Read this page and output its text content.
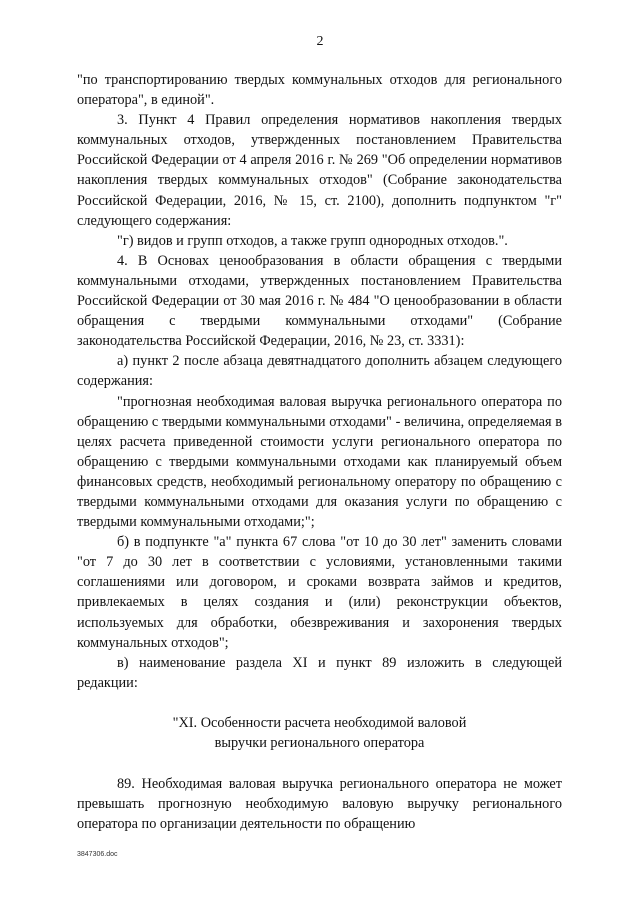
2

"по транспортированию твердых коммунальных отходов для регионального оператора", в единой".

3. Пункт 4 Правил определения нормативов накопления твердых коммунальных отходов, утвержденных постановлением Правительства Российской Федерации от 4 апреля 2016 г. № 269 "Об определении нормативов накопления твердых коммунальных отходов" (Собрание законодательства Российской Федерации, 2016, № 15, ст. 2100), дополнить подпунктом "г" следующего содержания:

"г) видов и групп отходов, а также групп однородных отходов.".

4. В Основах ценообразования в области обращения с твердыми коммунальными отходами, утвержденных постановлением Правительства Российской Федерации от 30 мая 2016 г. № 484 "О ценообразовании в области обращения с твердыми коммунальными отходами" (Собрание законодательства Российской Федерации, 2016, № 23, ст. 3331):

а) пункт 2 после абзаца девятнадцатого дополнить абзацем следующего содержания:

"прогнозная необходимая валовая выручка регионального оператора по обращению с твердыми коммунальными отходами" - величина, определяемая в целях расчета приведенной стоимости услуги регионального оператора по обращению с твердыми коммунальными отходами как планируемый объем финансовых средств, необходимый региональному оператору по обращению с твердыми коммунальными отходами для оказания услуги по обращению с твердыми коммунальными отходами;";

б) в подпункте "а" пункта 67 слова "от 10 до 30 лет" заменить словами "от 7 до 30 лет в соответствии с условиями, установленными такими соглашениями или договором, и сроками возврата займов и кредитов, привлекаемых в целях создания и (или) реконструкции объектов, используемых для обработки, обезвреживания и захоронения твердых коммунальных отходов";

в) наименование раздела XI и пункт 89 изложить в следующей редакции:

"XI. Особенности расчета необходимой валовой
выручки регионального оператора

89. Необходимая валовая выручка регионального оператора не может превышать прогнозную необходимую валовую выручку регионального оператора по организации деятельности по обращению

3847306.doc
